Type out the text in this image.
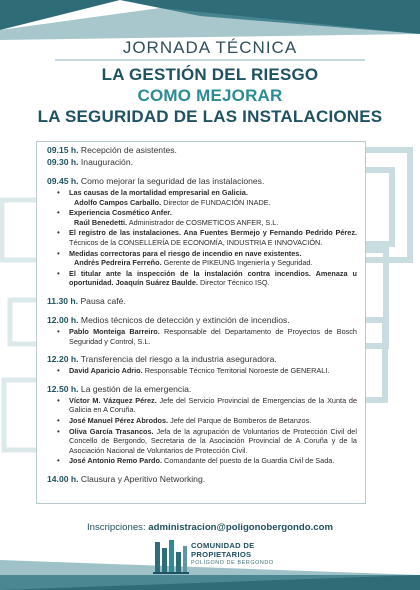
JORNADA TÉCNICA

LA GESTIÓN DEL RIESGO

COMO MEJORAR

LA SEGURIDAD DE LAS INSTALACIONES

09.15 h. Recepción de asistentes.

09.30 h. Inauguración.

09.45 h. Como mejorar la seguridad de las instalaciones.

• Las causas de la mortalidad empresarial en Galicia.
Adolfo Campos Carballo. Director de FUNDACIÓN INADE.
• Experiencia Cosmético Anfer.
Raúl Benedetti. Administrador de COSMETICOS ANFER, S.L.
• El registro de las instalaciones. Ana Fuentes Bermejo y Fernando Pedrido Pérez. Técnicos de la CONSELLERÍA DE ECONOMÍA, INDUSTRIA E INNOVACIÓN.
• Medidas correctoras para el riesgo de incendio en nave existentes.
Andrés Pedreira Ferreño. Gerente de PIKEUNG Ingeniería y Seguridad.
• El titular ante la inspección de la instalación contra incendios. Amenaza u oportunidad. Joaquín Suárez Baulde. Director Técnico ISQ.

11.30 h. Pausa café.

12.00 h. Medios técnicos de detección y extinción de incendios.

• Pablo Monteiga Barreiro. Responsable del Departamento de Proyectos de Bosch Seguridad y Control, S.L.

12.20 h. Transferencia del riesgo a la industria aseguradora.

• David Aparicio Adrio. Responsable Técnico Territorial Noroeste de GENERALI.

12.50 h. La gestión de la emergencia.

• Víctor M. Vázquez Pérez. Jefe del Servicio Provincial de Emergencias de la Xunta de Galicia en A Coruña.
• José Manuel Pérez Abrodos. Jefe del Parque de Bomberos de Betanzos.
• Oliva García Trasancos. Jefa de la agrupación de Voluntarios de Protección Civil del Concello de Bergondo, Secretaria de la Asociación Provincial de A Coruña y de la Asociación Nacional de Voluntarios de Protección Civil.
• José Antonio Remo Pardo. Comandante del puesto de la Guardia Civil de Sada.

14.00 h. Clausura y Aperitivo Networking.

Inscripciones: administracion@poligonobergondo.com
COMUNIDAD DE
PROPIETARIOS
POLÍGONO DE BERGONDO
